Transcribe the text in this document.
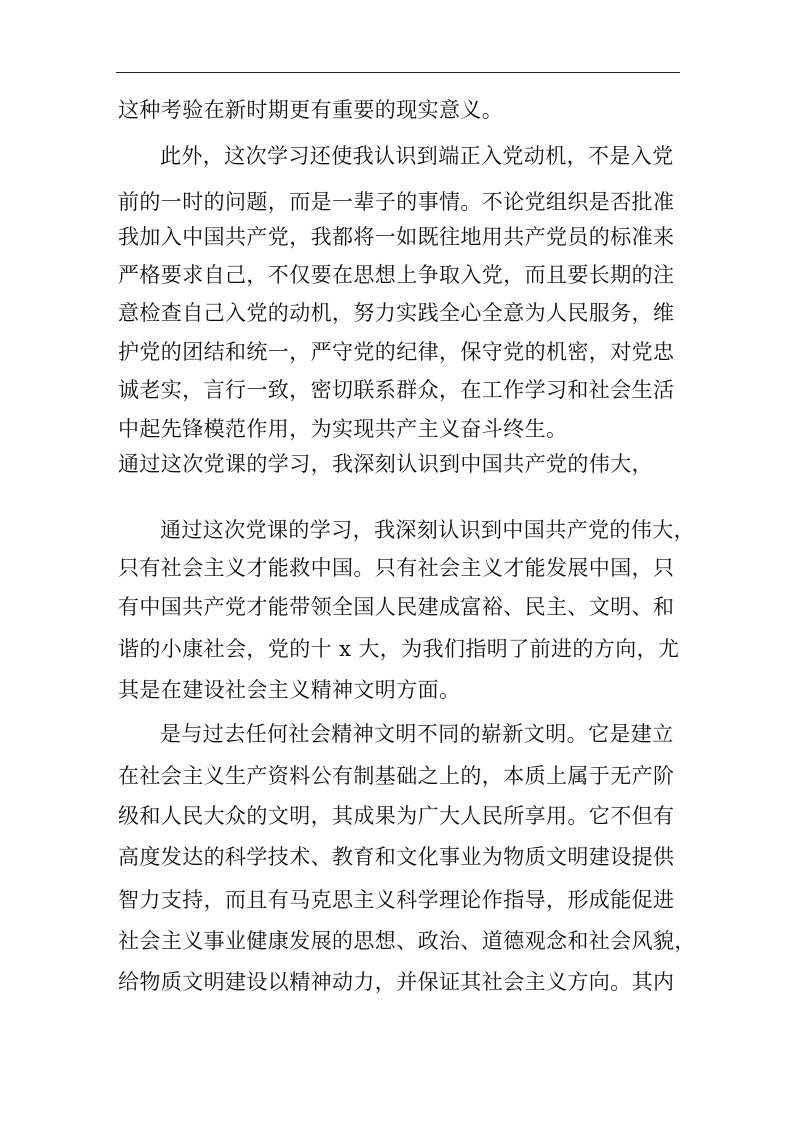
这种考验在新时期更有重要的现实意义。
此外，这次学习还使我认识到端正入党动机，不是入党
前的一时的问题，而是一辈子的事情。不论党组织是否批准
我加入中国共产党，我都将一如既往地用共产党员的标准来
严格要求自己，不仅要在思想上争取入党，而且要长期的注
意检查自己入党的动机，努力实践全心全意为人民服务，维
护党的团结和统一，严守党的纪律，保守党的机密，对党忠
诚老实，言行一致，密切联系群众，在工作学习和社会生活
中起先锋模范作用，为实现共产主义奋斗终生。
通过这次党课的学习，我深刻认识到中国共产党的伟大，
通过这次党课的学习，我深刻认识到中国共产党的伟大，
只有社会主义才能救中国。只有社会主义才能发展中国，只
有中国共产党才能带领全国人民建成富裕、民主、文明、和
谐的小康社会，党的十 x 大，为我们指明了前进的方向，尤
其是在建设社会主义精神文明方面。
是与过去任何社会精神文明不同的崭新文明。它是建立
在社会主义生产资料公有制基础之上的，本质上属于无产阶
级和人民大众的文明，其成果为广大人民所享用。它不但有
高度发达的科学技术、教育和文化事业为物质文明建设提供
智力支持，而且有马克思主义科学理论作指导，形成能促进
社会主义事业健康发展的思想、政治、道德观念和社会风貌，
给物质文明建设以精神动力，并保证其社会主义方向。其内
